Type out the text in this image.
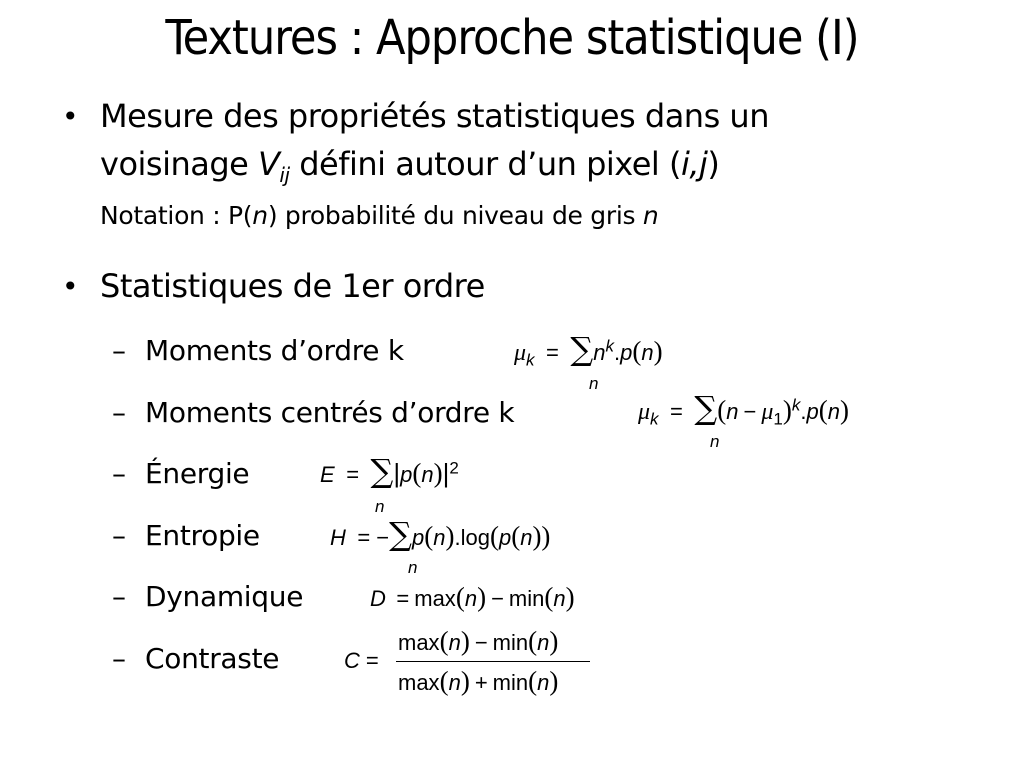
Textures : Approche statistique (I)
• Mesure des propriétés statistiques dans un
voisinage $V_{ij}$ défini autour d’un pixel (i,j)
Notation : P(n) probabilité du niveau de gris n
• Statistiques de 1er ordre
– Moments d’ordre k
– Moments centrés d’ordre k
– Énergie
– Entropie
– Dynamique
– Contraste
$\mu_k = \sum n^k.p(n)$
n
$\mu_k = \sum(n - \mu_1)^k.p(n)$
n
$E = \sum|p(n)|^2$
n
H = −∑p(n).log(p(n))
n
D = max(n) − min(n)
C =
max(n) − min(n)
max(n) + min(n)
